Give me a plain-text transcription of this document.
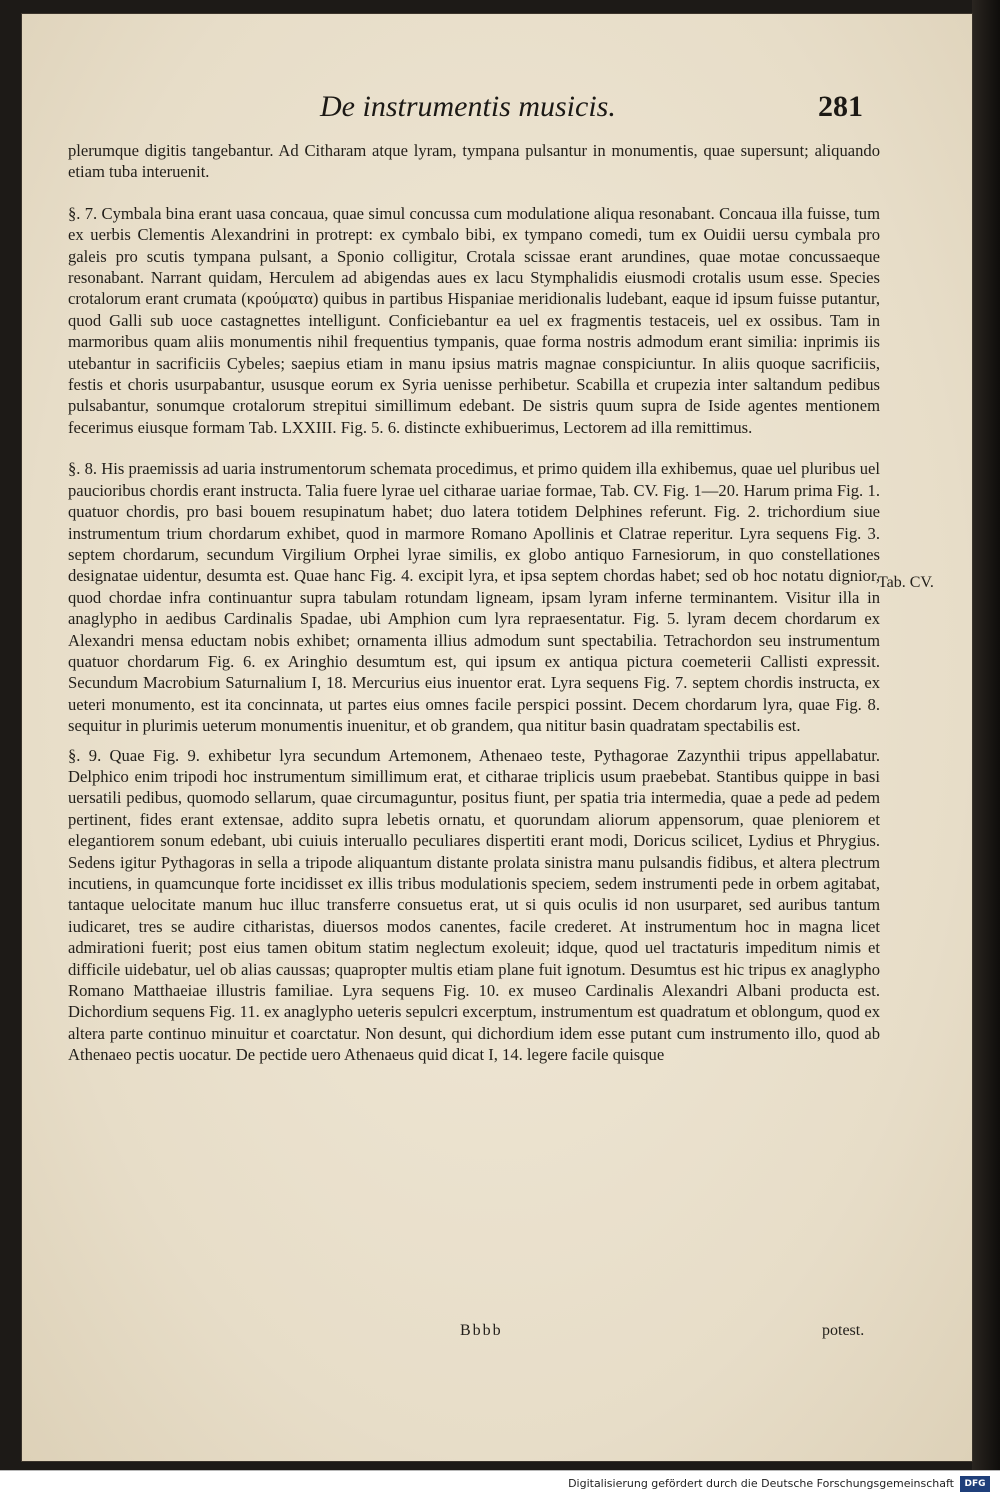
De instrumentis musicis.	281

plerumque digitis tangebantur. Ad Citharam atque lyram, tympana pulsantur in monumentis, quae supersunt; aliquando etiam tuba interuenit.

§. 7. Cymbala bina erant uasa concaua, quae simul concussa cum modulatione aliqua resonabant. Concaua illa fuisse, tum ex uerbis Clementis Alexandrini in protrept: ex cymbalo bibi, ex tympano comedi, tum ex Ouidii uersu cymbala pro galeis pro scutis tympana pulsant, a Sponio colligitur, Crotala scissae erant arundines, quae motae concussaeque resonabant. Narrant quidam, Herculem ad abigendas aues ex lacu Stymphalidis eiusmodi crotalis usum esse. Species crotalorum erant crumata (κρούματα) quibus in partibus Hispaniae meridionalis ludebant, eaque id ipsum fuisse putantur, quod Galli sub uoce castagnettes intelligunt. Conficiebantur ea uel ex fragmentis testaceis, uel ex ossibus. Tam in marmoribus quam aliis monumentis nihil frequentius tympanis, quae forma nostris admodum erant similia: inprimis iis utebantur in sacrificiis Cybeles; saepius etiam in manu ipsius matris magnae conspiciuntur. In aliis quoque sacrificiis, festis et choris usurpabantur, ususque eorum ex Syria uenisse perhibetur. Scabilla et crupezia inter saltandum pedibus pulsabantur, sonumque crotalorum strepitui simillimum edebant. De sistris quum supra de Iside agentes mentionem fecerimus eiusque formam Tab. LXXIII. Fig. 5. 6. distincte exhibuerimus, Lectorem ad illa remittimus.

§. 8. His praemissis ad uaria instrumentorum schemata procedimus, et primo quidem illa exhibemus, quae uel pluribus uel paucioribus chordis erant instructa. Talia fuere lyrae uel citharae uariae formae, Tab. CV. Fig. 1—20. Harum prima Fig. 1. quatuor chordis, pro basi bouem resupinatum habet; duo latera totidem Delphines referunt. Fig. 2. trichordium siue instrumentum trium chordarum exhibet, quod in marmore Romano Apollinis et Clatrae reperitur. Lyra sequens Fig. 3. septem chordarum, secundum Virgilium Orphei lyrae similis, ex globo antiquo Farnesiorum, in quo constellationes designatae uidentur, desumta est. Quae hanc Fig. 4. excipit lyra, et ipsa septem chordas habet; sed ob hoc notatu dignior, quod chordae infra continuantur supra tabulam rotundam ligneam, ipsam lyram inferne terminantem. Visitur illa in anaglypho in aedibus Cardinalis Spadae, ubi Amphion cum lyra repraesentatur. Fig. 5. lyram decem chordarum ex Alexandri mensa eductam nobis exhibet; ornamenta illius admodum sunt spectabilia. Tetrachordon seu instrumentum quatuor chordarum Fig. 6. ex Aringhio desumtum est, qui ipsum ex antiqua pictura coemeterii Callisti expressit. Secundum Macrobium Saturnalium I, 18. Mercurius eius inuentor erat. Lyra sequens Fig. 7. septem chordis instructa, ex ueteri monumento, est ita concinnata, ut partes eius omnes facile perspici possint. Decem chordarum lyra, quae Fig. 8. sequitur in plurimis ueterum monumentis inuenitur, et ob grandem, qua nititur basin quadratam spectabilis est.

§. 9. Quae Fig. 9. exhibetur lyra secundum Artemonem, Athenaeo teste, Pythagorae Zazynthii tripus appellabatur. Delphico enim tripodi hoc instrumentum simillimum erat, et citharae triplicis usum praebebat. Stantibus quippe in basi uersatili pedibus, quomodo sellarum, quae circumaguntur, positus fiunt, per spatia tria intermedia, quae a pede ad pedem pertinent, fides erant extensae, addito supra lebetis ornatu, et quorundam aliorum appensorum, quae pleniorem et elegantiorem sonum edebant, ubi cuiuis interuallo peculiares dispertiti erant modi, Doricus scilicet, Lydius et Phrygius. Sedens igitur Pythagoras in sella a tripode aliquantum distante prolata sinistra manu pulsandis fidibus, et altera plectrum incutiens, in quamcunque forte incidisset ex illis tribus modulationis speciem, sedem instrumenti pede in orbem agitabat, tantaque uelocitate manum huc illuc transferre consuetus erat, ut si quis oculis id non usurparet, sed auribus tantum iudicaret, tres se audire citharistas, diuersos modos canentes, facile crederet. At instrumentum hoc in magna licet admirationi fuerit; post eius tamen obitum statim neglectum exoleuit; idque, quod uel tractaturis impeditum nimis et difficile uidebatur, uel ob alias caussas; quapropter multis etiam plane fuit ignotum. Desumtus est hic tripus ex anaglypho Romano Matthaeiae illustris familiae. Lyra sequens Fig. 10. ex museo Cardinalis Alexandri Albani producta est. Dichordium sequens Fig. 11. ex anaglypho ueteris sepulcri excerptum, instrumentum est quadratum et oblongum, quod ex altera parte continuo minuitur et coarctatur. Non desunt, qui dichordium idem esse putant cum instrumento illo, quod ab Athenaeo pectis uocatur. De pectide uero Athenaeus quid dicat I, 14. legere facile quisque

Tab. CV.
Bbbb	potest.
Digitalisierung gefördert durch die Deutsche Forschungsgemeinschaft	DFG
